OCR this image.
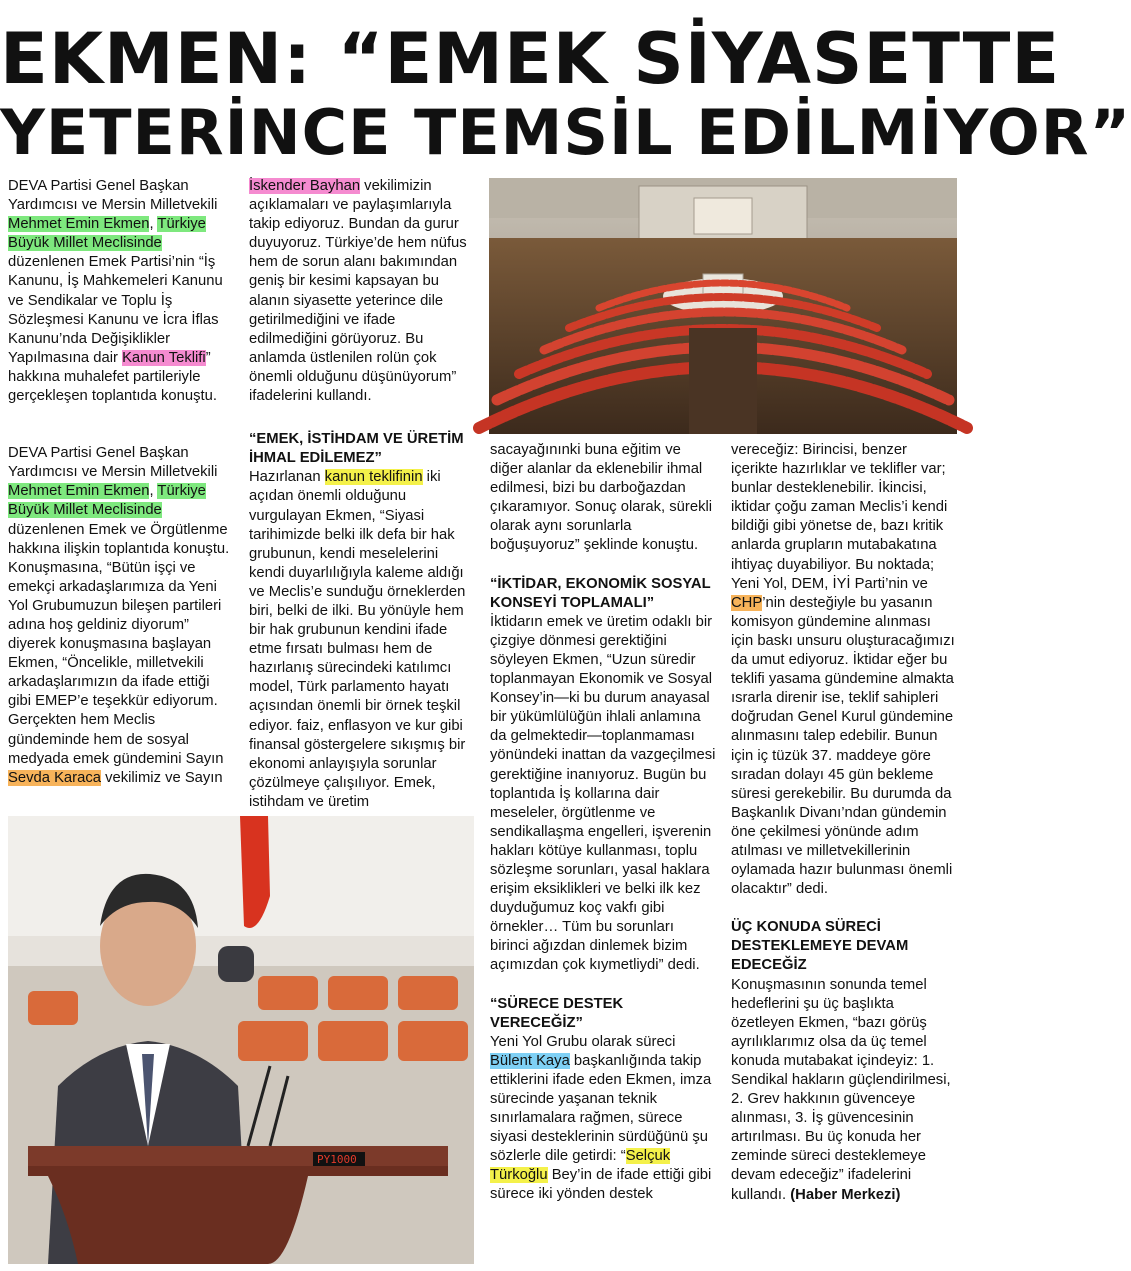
EKMEN: “EMEK SİYASETTE
YETERİNCE TEMSİL EDİLMİYOR”

DEVA Partisi Genel Başkan Yardımcısı ve Mersin Milletvekili Mehmet Emin Ekmen, Türkiye Büyük Millet Meclisinde düzenlenen Emek Partisi’nin “İş Kanunu, İş Mahkemeleri Kanunu ve Sendikalar ve Toplu İş Sözleşmesi Kanunu ve İcra İflas Kanunu’nda Değişiklikler Yapılmasına dair Kanun Teklifi” hakkına muhalefet partileriyle gerçekleşen toplantıda konuştu.

DEVA Partisi Genel Başkan Yardımcısı ve Mersin Milletvekili Mehmet Emin Ekmen, Türkiye Büyük Millet Meclisinde düzenlenen Emek ve Örgütlenme hakkına ilişkin toplantıda konuştu. Konuşmasına, “Bütün işçi ve emekçi arkadaşlarımıza da Yeni Yol Grubumuzun bileşen partileri adına hoş geldiniz diyorum” diyerek konuşmasına başlayan Ekmen, “Öncelikle, milletvekili arkadaşlarımızın da ifade ettiği gibi EMEP’e teşekkür ediyorum. Gerçekten hem Meclis gündeminde hem de sosyal medyada emek gündemini Sayın Sevda Karaca vekilimiz ve Sayın

İskender Bayhan vekilimizin açıklamaları ve paylaşımlarıyla takip ediyoruz. Bundan da gurur duyuyoruz. Türkiye’de hem nüfus hem de sorun alanı bakımından geniş bir kesimi kapsayan bu alanın siyasette yeterince dile getirilmediğini ve ifade edilmediğini görüyoruz. Bu anlamda üstlenilen rolün çok önemli olduğunu düşünüyorum” ifadelerini kullandı.

“EMEK, İSTİHDAM VE ÜRETİM İHMAL EDİLEMEZ”

Hazırlanan kanun teklifinin iki açıdan önemli olduğunu vurgulayan Ekmen, “Siyasi tarihimizde belki ilk defa bir hak grubunun, kendi meselelerini kendi duyarlılığıyla kaleme aldığı ve Meclis’e sunduğu örneklerden biri, belki de ilki. Bu yönüyle hem bir hak grubunun kendini ifade etme fırsatı bulması hem de hazırlanış sürecindeki katılımcı model, Türk parlamento hayatı açısından önemli bir örnek teşkil ediyor. faiz, enflasyon ve kur gibi finansal göstergelere sıkışmış bir ekonomi anlayışıyla sorunlar çözülmeye çalışılıyor. Emek, istihdam ve üretim

sacayağınınki buna eğitim ve diğer alanlar da eklenebilir ihmal edilmesi, bizi bu darboğazdan çıkaramıyor. Sonuç olarak, sürekli olarak aynı sorunlarla boğuşuyoruz” şeklinde konuştu.

“İKTİDAR, EKONOMİK SOSYAL KONSEYİ TOPLAMALI”

İktidarın emek ve üretim odaklı bir çizgiye dönmesi gerektiğini söyleyen Ekmen, “Uzun süredir toplanmayan Ekonomik ve Sosyal Konsey’in—ki bu durum anayasal bir yükümlülüğün ihlali anlamına da gelmektedir—toplanmaması yönündeki inattan da vazgeçilmesi gerektiğine inanıyoruz. Bugün bu toplantıda İş kollarına dair meseleler, örgütlenme ve sendikallaşma engelleri, işverenin hakları kötüye kullanması, toplu sözleşme sorunları, yasal haklara erişim eksiklikleri ve belki ilk kez duyduğumuz koç vakfı gibi örnekler… Tüm bu sorunları birinci ağızdan dinlemek bizim açımızdan çok kıymetliydi” dedi.

“SÜRECE DESTEK VERECEĞİZ”

Yeni Yol Grubu olarak süreci Bülent Kaya başkanlığında takip ettiklerini ifade eden Ekmen, imza sürecinde yaşanan teknik sınırlamalara rağmen, sürece siyasi desteklerinin sürdüğünü şu sözlerle dile getirdi: “Selçuk Türkoğlu Bey’in de ifade ettiği gibi sürece iki yönden destek

vereceğiz: Birincisi, benzer içerikte hazırlıklar ve teklifler var; bunlar desteklenebilir. İkincisi, iktidar çoğu zaman Meclis’i kendi bildiği gibi yönetse de, bazı kritik anlarda grupların mutabakatına ihtiyaç duyabiliyor. Bu noktada; Yeni Yol, DEM, İYİ Parti’nin ve CHP’nin desteğiyle bu yasanın komisyon gündemine alınması için baskı unsuru oluşturacağımızı da umut ediyoruz. İktidar eğer bu teklifi yasama gündemine almakta ısrarla direnir ise, teklif sahipleri doğrudan Genel Kurul gündemine alınmasını talep edebilir. Bunun için iç tüzük 37. maddeye göre sıradan dolayı 45 gün bekleme süresi gerekebilir. Bu durumda da Başkanlık Divanı’ndan gündemin öne çekilmesi yönünde adım atılması ve milletvekillerinin oylamada hazır bulunması önemli olacaktır” dedi.

ÜÇ KONUDA SÜRECİ DESTEKLEMEYE DEVAM EDECEĞİZ

Konuşmasının sonunda temel hedeflerini şu üç başlıkta özetleyen Ekmen, “bazı görüş ayrılıklarımız olsa da üç temel konuda mutabakat içindeyiz: 1. Sendikal hakların güçlendirilmesi, 2. Grev hakkının güvenceye alınması, 3. İş güvencesinin artırılması. Bu üç konuda her zeminde süreci desteklemeye devam edeceğiz” ifadelerini kullandı. (Haber Merkezi)

PY1000
